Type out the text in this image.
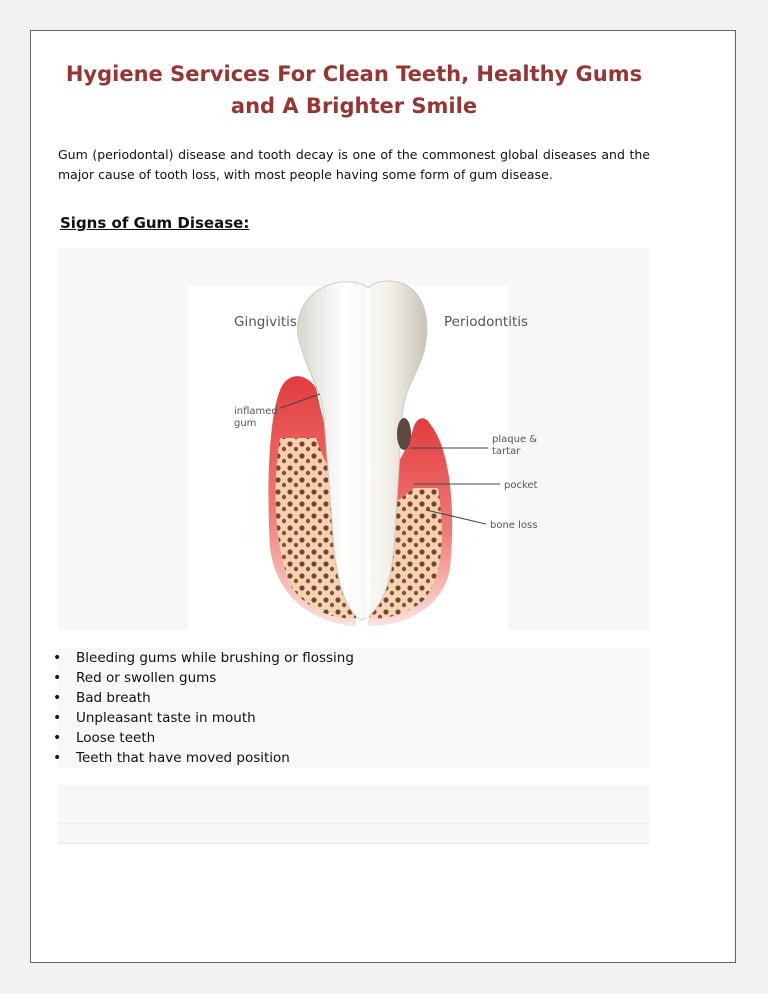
Hygiene Services For Clean Teeth, Healthy Gums and A Brighter Smile

Gum (periodontal) disease and tooth decay is one of the commonest global diseases and the major cause of tooth loss, with most people having some form of gum disease.

Signs of Gum Disease:
Gingivitis	Periodontitis
inflamed
gum
plaque &
tartar
pocket
bone loss
• Bleeding gums while brushing or flossing
• Red or swollen gums
• Bad breath
• Unpleasant taste in mouth
• Loose teeth
• Teeth that have moved position
